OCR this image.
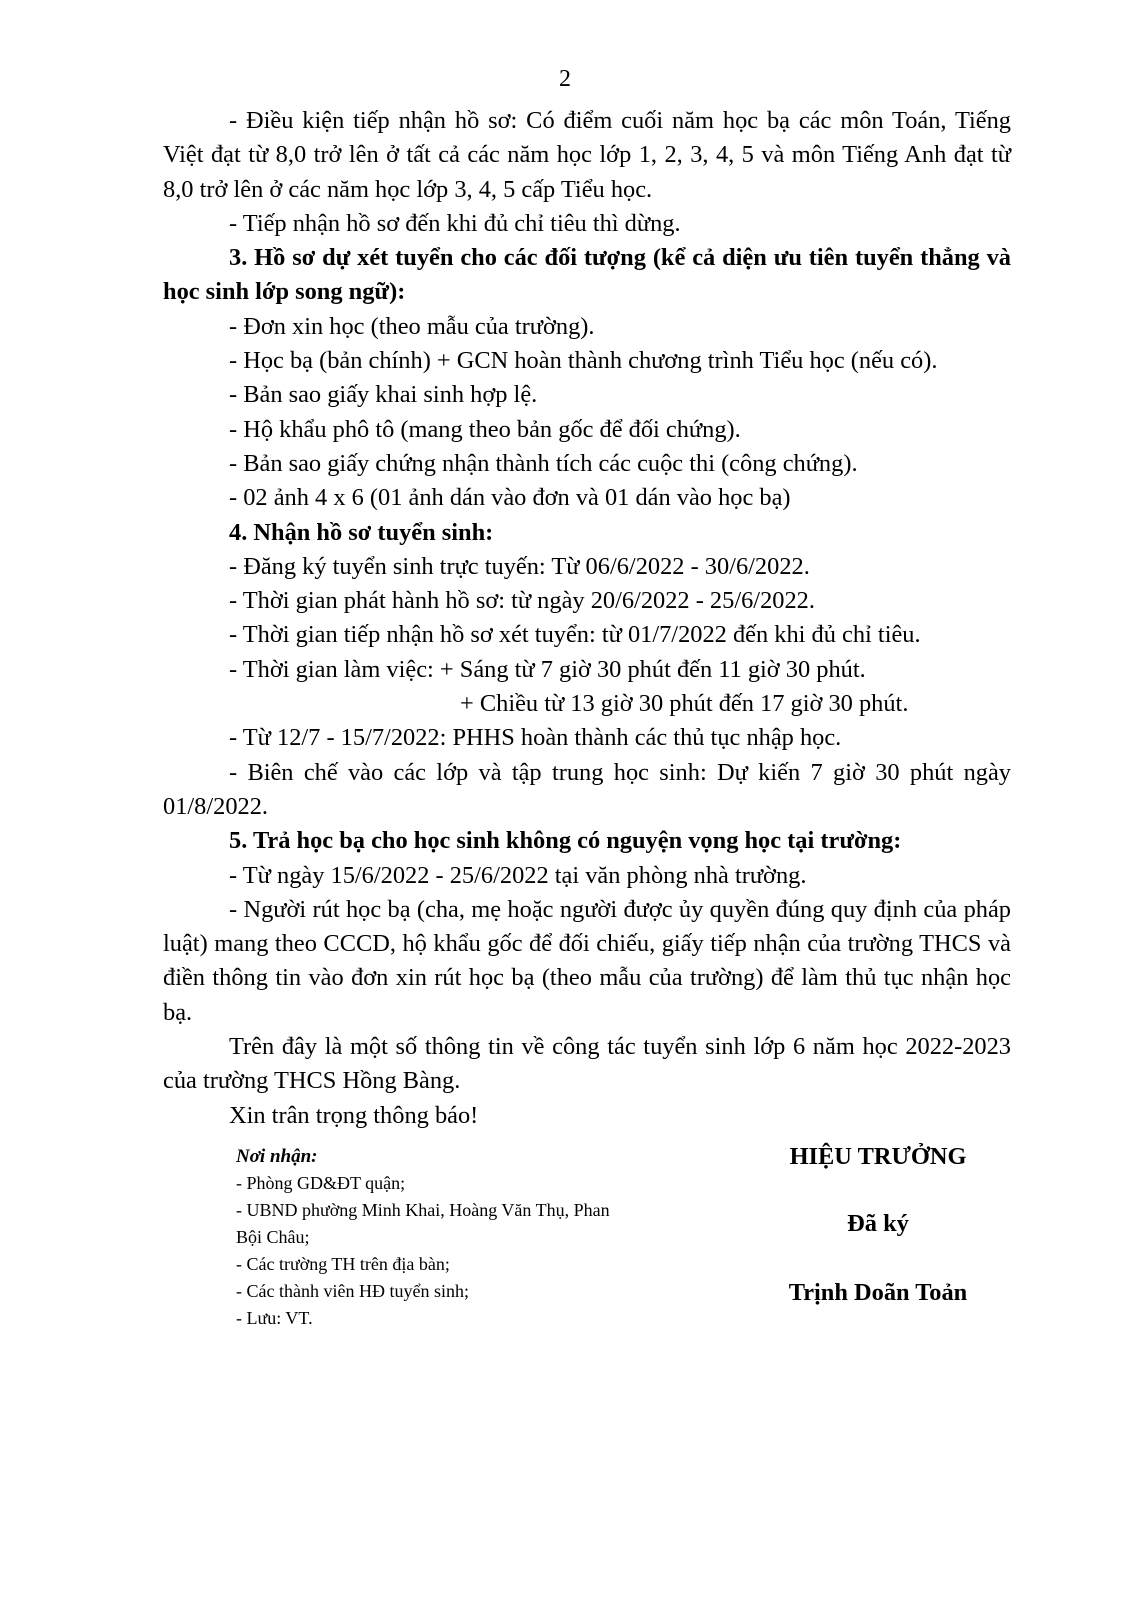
2

- Điều kiện tiếp nhận hồ sơ: Có điểm cuối năm học bạ các môn Toán, Tiếng Việt đạt từ 8,0 trở lên ở tất cả các năm học lớp 1, 2, 3, 4, 5 và môn Tiếng Anh đạt từ 8,0 trở lên ở các năm học lớp 3, 4, 5 cấp Tiểu học.

- Tiếp nhận hồ sơ đến khi đủ chỉ tiêu thì dừng.

3. Hồ sơ dự xét tuyển cho các đối tượng (kể cả diện ưu tiên tuyển thẳng và học sinh lớp song ngữ):

- Đơn xin học (theo mẫu của trường).

- Học bạ (bản chính) + GCN hoàn thành chương trình Tiểu học (nếu có).

- Bản sao giấy khai sinh hợp lệ.

- Hộ khẩu phô tô (mang theo bản gốc để đối chứng).

- Bản sao giấy chứng nhận thành tích các cuộc thi (công chứng).

- 02 ảnh 4 x 6 (01 ảnh dán vào đơn và 01 dán vào học bạ)

4. Nhận hồ sơ tuyển sinh:

- Đăng ký tuyển sinh trực tuyến: Từ 06/6/2022 - 30/6/2022.

- Thời gian phát hành hồ sơ: từ ngày 20/6/2022 - 25/6/2022.

- Thời gian tiếp nhận hồ sơ xét tuyển: từ 01/7/2022 đến khi đủ chỉ tiêu.

- Thời gian làm việc: + Sáng từ 7 giờ 30 phút đến 11 giờ 30 phút.

+ Chiều từ 13 giờ 30 phút đến 17 giờ 30 phút.

- Từ 12/7 - 15/7/2022: PHHS hoàn thành các thủ tục nhập học.

- Biên chế vào các lớp và tập trung học sinh: Dự kiến 7 giờ 30 phút ngày 01/8/2022.

5. Trả học bạ cho học sinh không có nguyện vọng học tại trường:

- Từ ngày 15/6/2022 - 25/6/2022 tại văn phòng nhà trường.

- Người rút học bạ (cha, mẹ hoặc người được ủy quyền đúng quy định của pháp luật) mang theo CCCD, hộ khẩu gốc để đối chiếu, giấy tiếp nhận của trường THCS và điền thông tin vào đơn xin rút học bạ (theo mẫu của trường) để làm thủ tục nhận học bạ.

Trên đây là một số thông tin về công tác tuyển sinh lớp 6 năm học 2022-2023 của trường THCS Hồng Bàng.

Xin trân trọng thông báo!

Nơi nhận:
- Phòng GD&ĐT quận;
- UBND phường Minh Khai, Hoàng Văn Thụ, Phan Bội Châu;
- Các trường TH trên địa bàn;
- Các thành viên HĐ tuyển sinh;
- Lưu: VT.
HIỆU TRƯỞNG
Đã ký
Trịnh Doãn Toản
